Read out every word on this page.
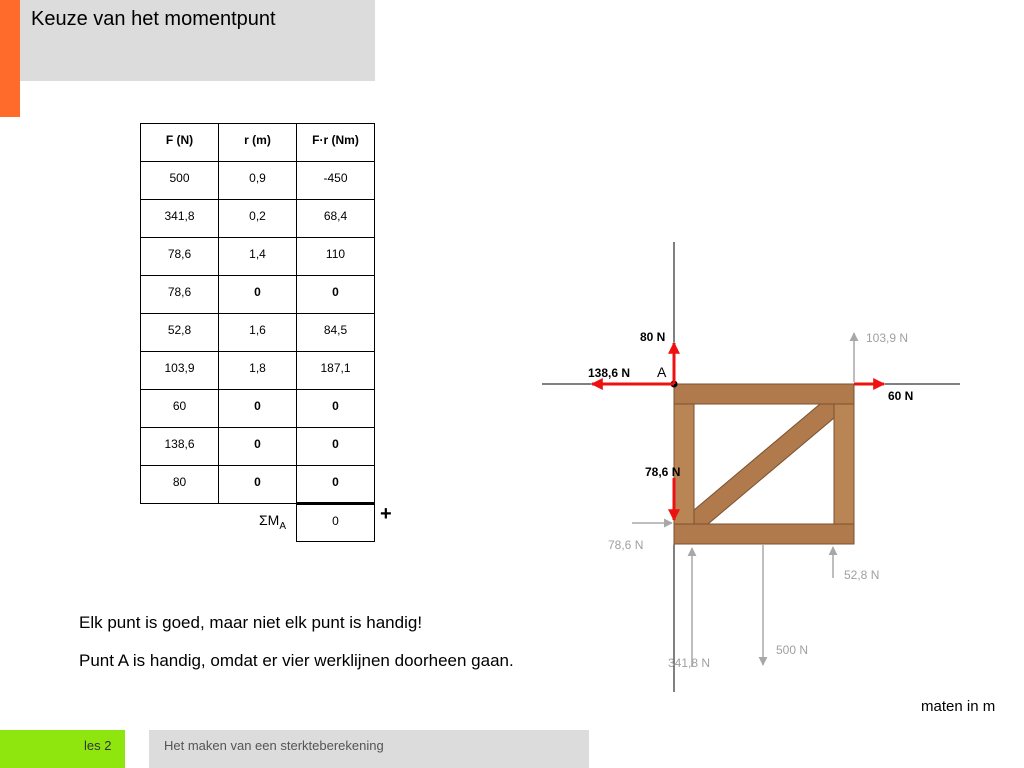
Keuze van het momentpunt
F (N)	r (m)	F·r (Nm)
500	0,9	-450
341,8	0,2	68,4
78,6	1,4	110
78,6	0	0
52,8	1,6	84,5
103,9	1,8	187,1
60	0	0
138,6	0	0
80	0	0
	$\Sigma M_A$	0 +
A
80 N
138,6 N
60 N
78,6 N
103,9 N
78,6 N
52,8 N
500 N
341,8 N
Elk punt is goed, maar niet elk punt is handig!
Punt A is handig, omdat er vier werklijnen doorheen gaan.
maten in m
les 2	Het maken van een sterkteberekening
